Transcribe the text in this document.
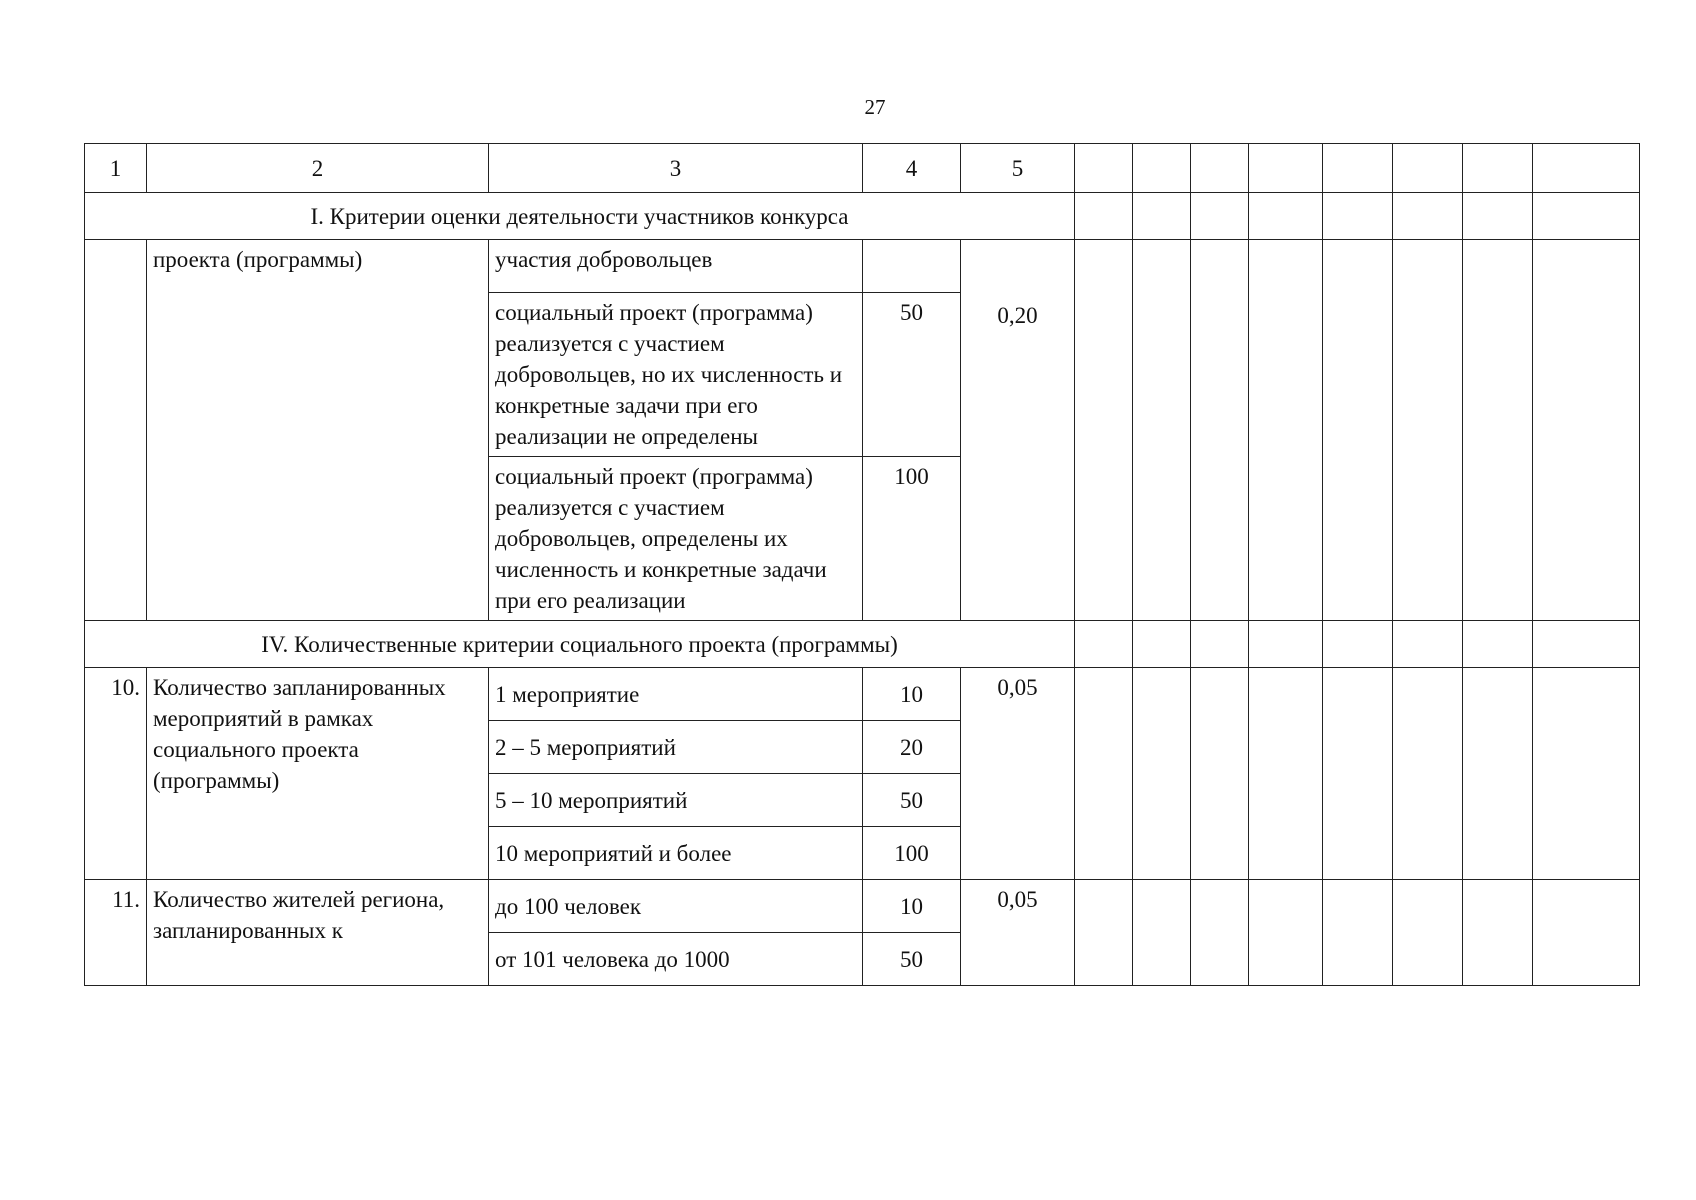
27
1	2	3	4	5								
I. Критерии оценки деятельности участников конкурса												
	проекта (программы)	участия добровольцев		0,20								
		социальный проект (программа) реализуется с участием добровольцев, но их численность и конкретные задачи при его реализации не определены	50									
		социальный проект (программа) реализуется с участием добровольцев, определены их численность и конкретные задачи при его реализации	100									
IV. Количественные критерии социального проекта (программы)												
10.	Количество запланированных мероприятий в рамках социального проекта (программы)	1 мероприятие	10	0,05								
		2 – 5 мероприятий	20									
		5 – 10 мероприятий	50									
		10 мероприятий и более	100									
11.	Количество жителей региона, запланированных к	до 100 человек	10	0,05								
		от 101 человека до 1000	50									
